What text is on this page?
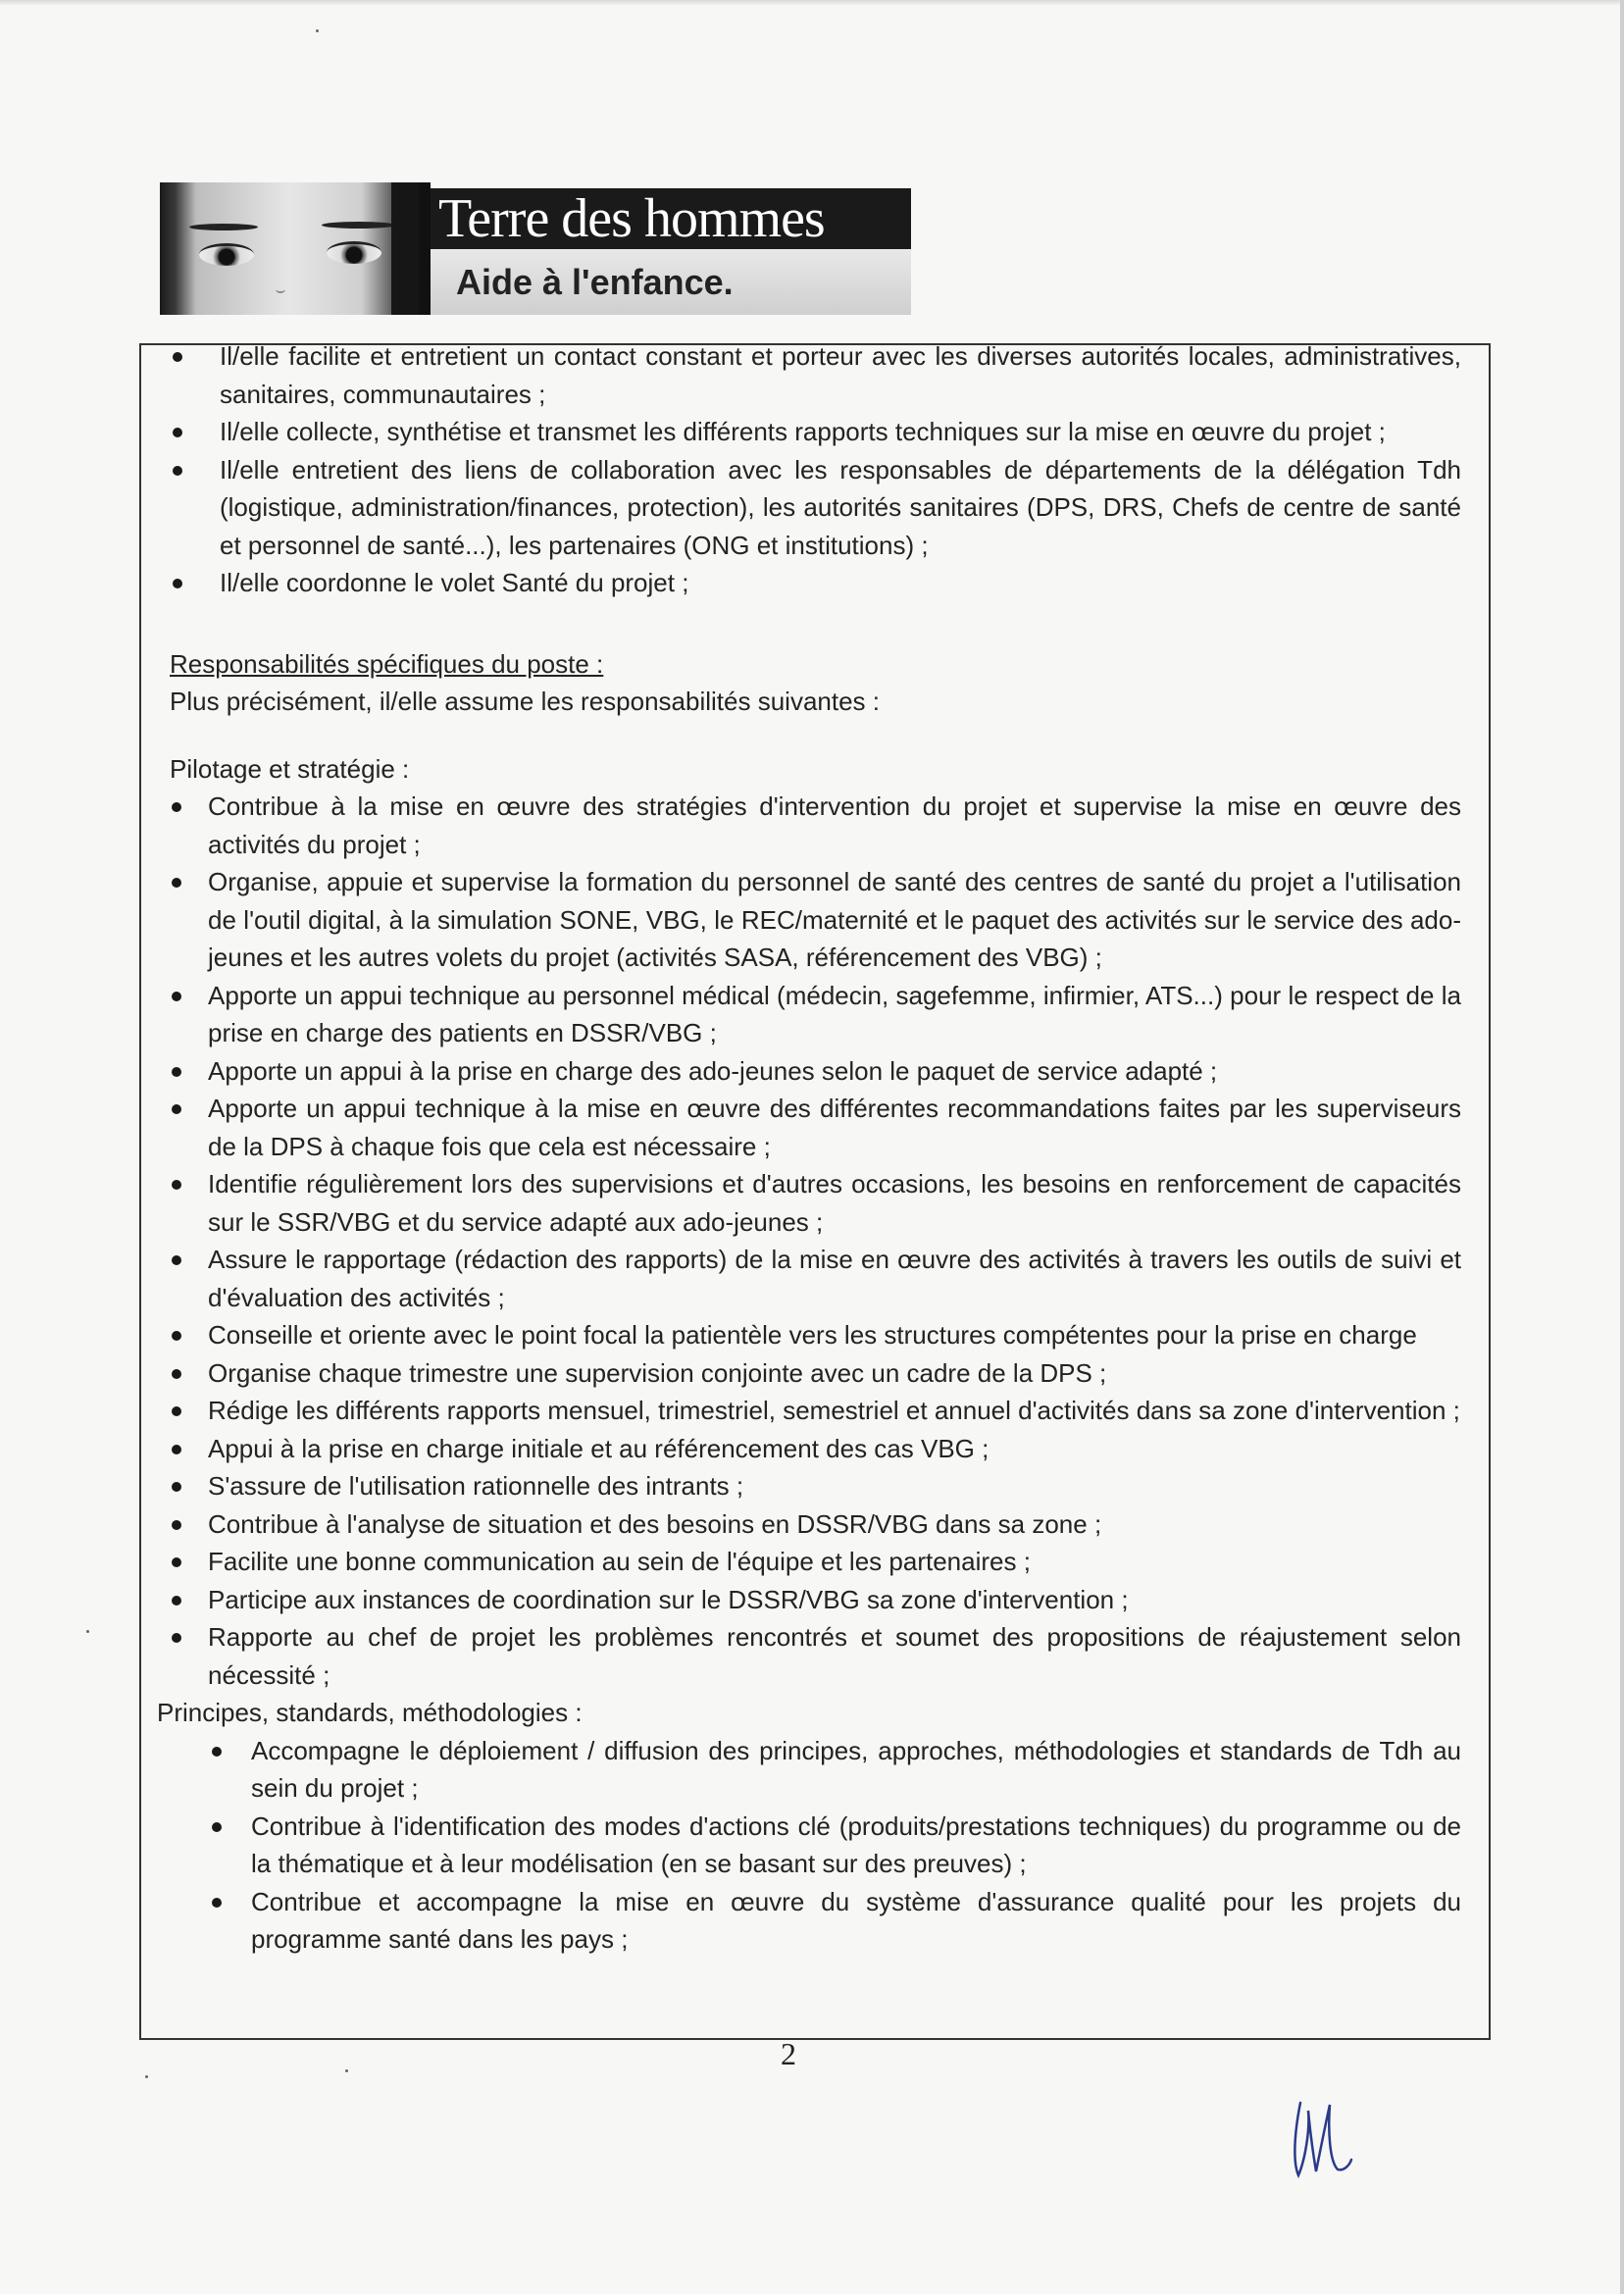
Terre des hommes
Aide à l'enfance.
Il/elle facilite et entretient un contact constant et porteur avec les diverses autorités locales, administratives, sanitaires, communautaires ;
Il/elle collecte, synthétise et transmet les différents rapports techniques sur la mise en œuvre du projet ;
Il/elle entretient des liens de collaboration avec les responsables de départements de la délégation Tdh (logistique, administration/finances, protection), les autorités sanitaires (DPS, DRS, Chefs de centre de santé et personnel de santé...), les partenaires (ONG et institutions) ;
Il/elle coordonne le volet Santé du projet ;
Responsabilités spécifiques du poste :
Plus précisément, il/elle assume les responsabilités suivantes :
Pilotage et stratégie :
Contribue à la mise en œuvre des stratégies d'intervention du projet et supervise la mise en œuvre des activités du projet ;
Organise, appuie et supervise la formation du personnel de santé des centres de santé du projet a l'utilisation de l'outil digital, à la simulation SONE, VBG, le REC/maternité et le paquet des activités sur le service des ado-jeunes et les autres volets du projet (activités SASA, référencement des VBG) ;
Apporte un appui technique au personnel médical (médecin, sagefemme, infirmier, ATS...) pour le respect de la prise en charge des patients en DSSR/VBG ;
Apporte un appui à la prise en charge des ado-jeunes selon le paquet de service adapté ;
Apporte un appui technique à la mise en œuvre des différentes recommandations faites par les superviseurs de la DPS à chaque fois que cela est nécessaire ;
Identifie régulièrement lors des supervisions et d'autres occasions, les besoins en renforcement de capacités sur le SSR/VBG et du service adapté aux ado-jeunes ;
Assure le rapportage (rédaction des rapports) de la mise en œuvre des activités à travers les outils de suivi et d'évaluation des activités ;
Conseille et oriente avec le point focal la patientèle vers les structures compétentes pour la prise en charge
Organise chaque trimestre une supervision conjointe avec un cadre de la DPS ;
Rédige les différents rapports mensuel, trimestriel, semestriel et annuel d'activités dans sa zone d'intervention ;
Appui à la prise en charge initiale et au référencement des cas VBG ;
S'assure de l'utilisation rationnelle des intrants ;
Contribue à l'analyse de situation et des besoins en DSSR/VBG dans sa zone ;
Facilite une bonne communication au sein de l'équipe et les partenaires ;
Participe aux instances de coordination sur le DSSR/VBG sa zone d'intervention ;
Rapporte au chef de projet les problèmes rencontrés et soumet des propositions de réajustement selon nécessité ;
Principes, standards, méthodologies :
Accompagne le déploiement / diffusion des principes, approches, méthodologies et standards de Tdh au sein du projet ;
Contribue à l'identification des modes d'actions clé (produits/prestations techniques) du programme ou de la thématique et à leur modélisation (en se basant sur des preuves) ;
Contribue et accompagne la mise en œuvre du système d'assurance qualité pour les projets du programme santé dans les pays ;
2
